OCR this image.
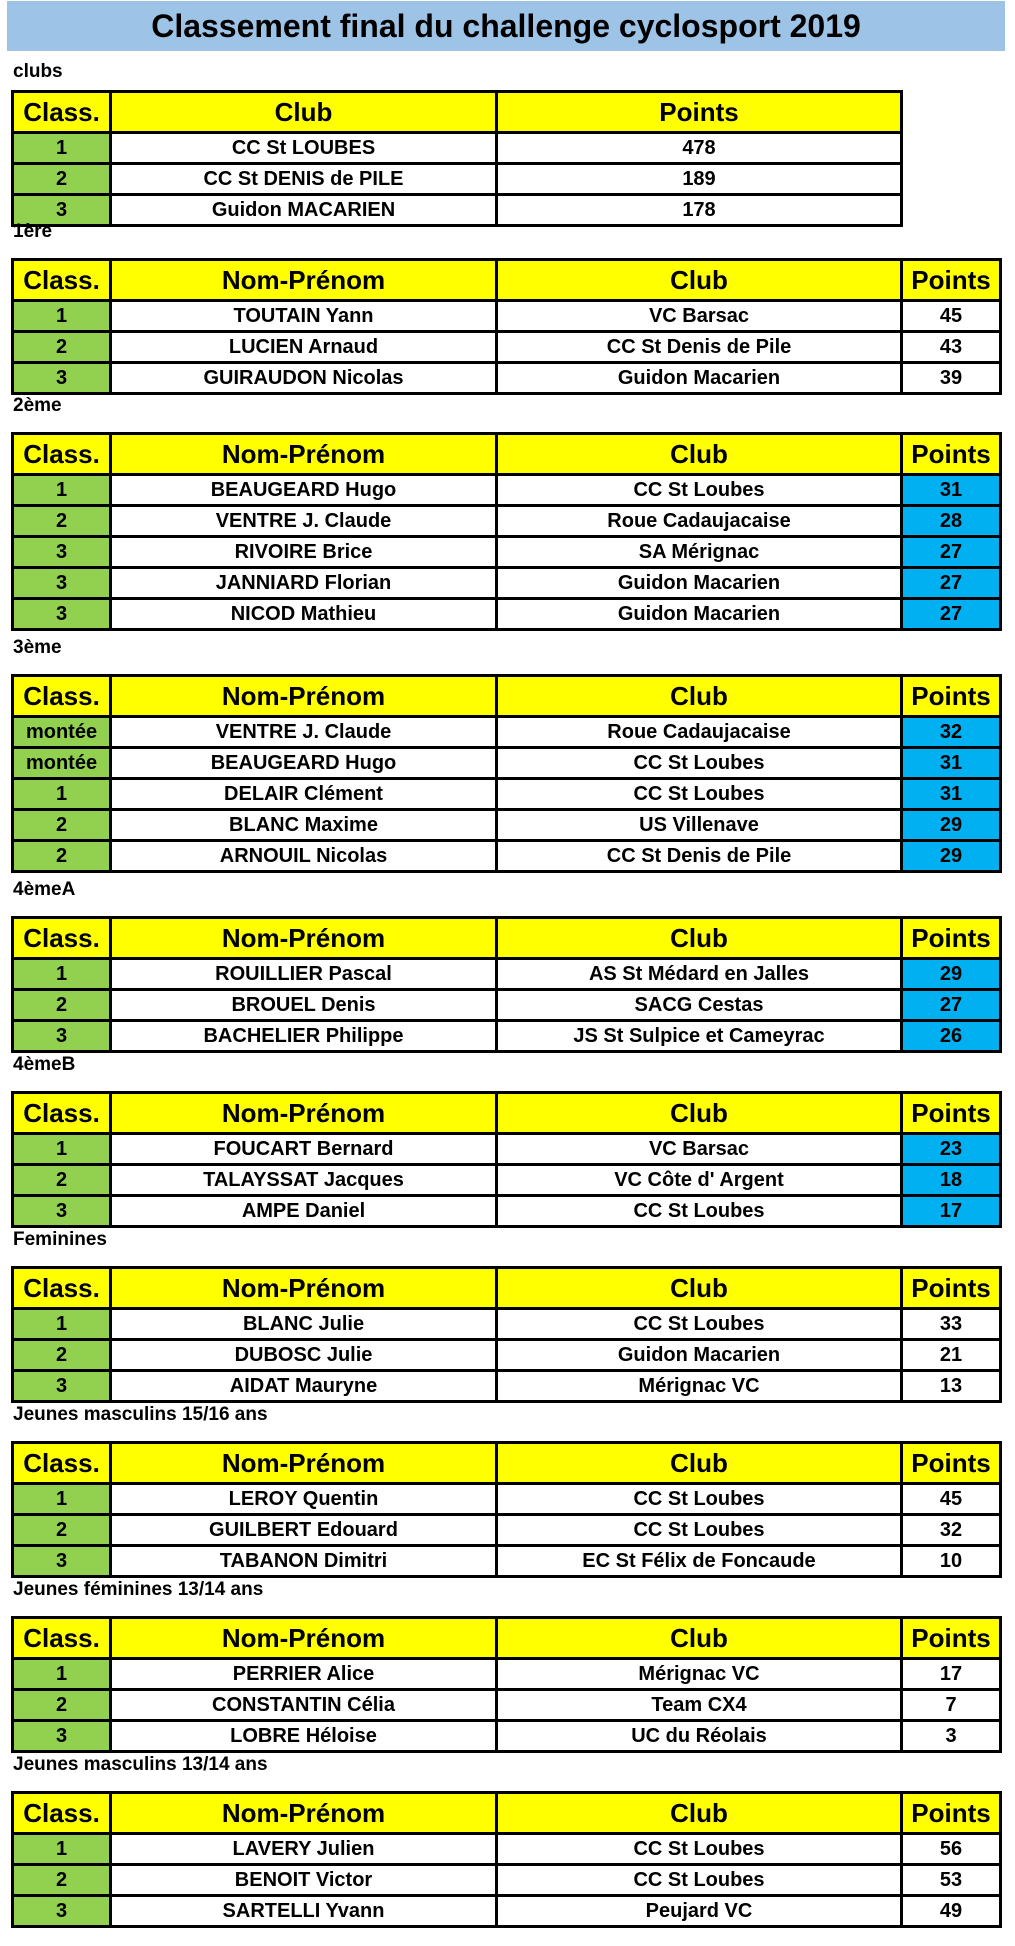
Classement final du challenge cyclosport 2019
clubs
Class.	Club	Points
1	CC St LOUBES	478
2	CC St DENIS de PILE	189
3	Guidon MACARIEN	178
1ère
Class.	Nom-Prénom	Club	Points
1	TOUTAIN Yann	VC Barsac	45
2	LUCIEN Arnaud	CC St Denis de Pile	43
3	GUIRAUDON Nicolas	Guidon Macarien	39
2ème
Class.	Nom-Prénom	Club	Points
1	BEAUGEARD Hugo	CC St Loubes	31
2	VENTRE J. Claude	Roue Cadaujacaise	28
3	RIVOIRE Brice	SA Mérignac	27
3	JANNIARD Florian	Guidon Macarien	27
3	NICOD Mathieu	Guidon Macarien	27
3ème
Class.	Nom-Prénom	Club	Points
montée	VENTRE J. Claude	Roue Cadaujacaise	32
montée	BEAUGEARD Hugo	CC St Loubes	31
1	DELAIR Clément	CC St Loubes	31
2	BLANC Maxime	US Villenave	29
2	ARNOUIL Nicolas	CC St Denis de Pile	29
4èmeA
Class.	Nom-Prénom	Club	Points
1	ROUILLIER Pascal	AS St Médard en Jalles	29
2	BROUEL Denis	SACG Cestas	27
3	BACHELIER Philippe	JS St Sulpice et Cameyrac	26
4èmeB
Class.	Nom-Prénom	Club	Points
1	FOUCART Bernard	VC Barsac	23
2	TALAYSSAT Jacques	VC Côte d' Argent	18
3	AMPE Daniel	CC St Loubes	17
Feminines
Class.	Nom-Prénom	Club	Points
1	BLANC Julie	CC St Loubes	33
2	DUBOSC Julie	Guidon Macarien	21
3	AIDAT Mauryne	Mérignac VC	13
Jeunes masculins 15/16 ans
Class.	Nom-Prénom	Club	Points
1	LEROY Quentin	CC St Loubes	45
2	GUILBERT Edouard	CC St Loubes	32
3	TABANON Dimitri	EC St Félix de Foncaude	10
Jeunes féminines 13/14 ans
Class.	Nom-Prénom	Club	Points
1	PERRIER Alice	Mérignac VC	17
2	CONSTANTIN Célia	Team CX4	7
3	LOBRE Héloise	UC du Réolais	3
Jeunes masculins 13/14 ans
Class.	Nom-Prénom	Club	Points
1	LAVERY Julien	CC St Loubes	56
2	BENOIT Victor	CC St Loubes	53
3	SARTELLI Yvann	Peujard VC	49
